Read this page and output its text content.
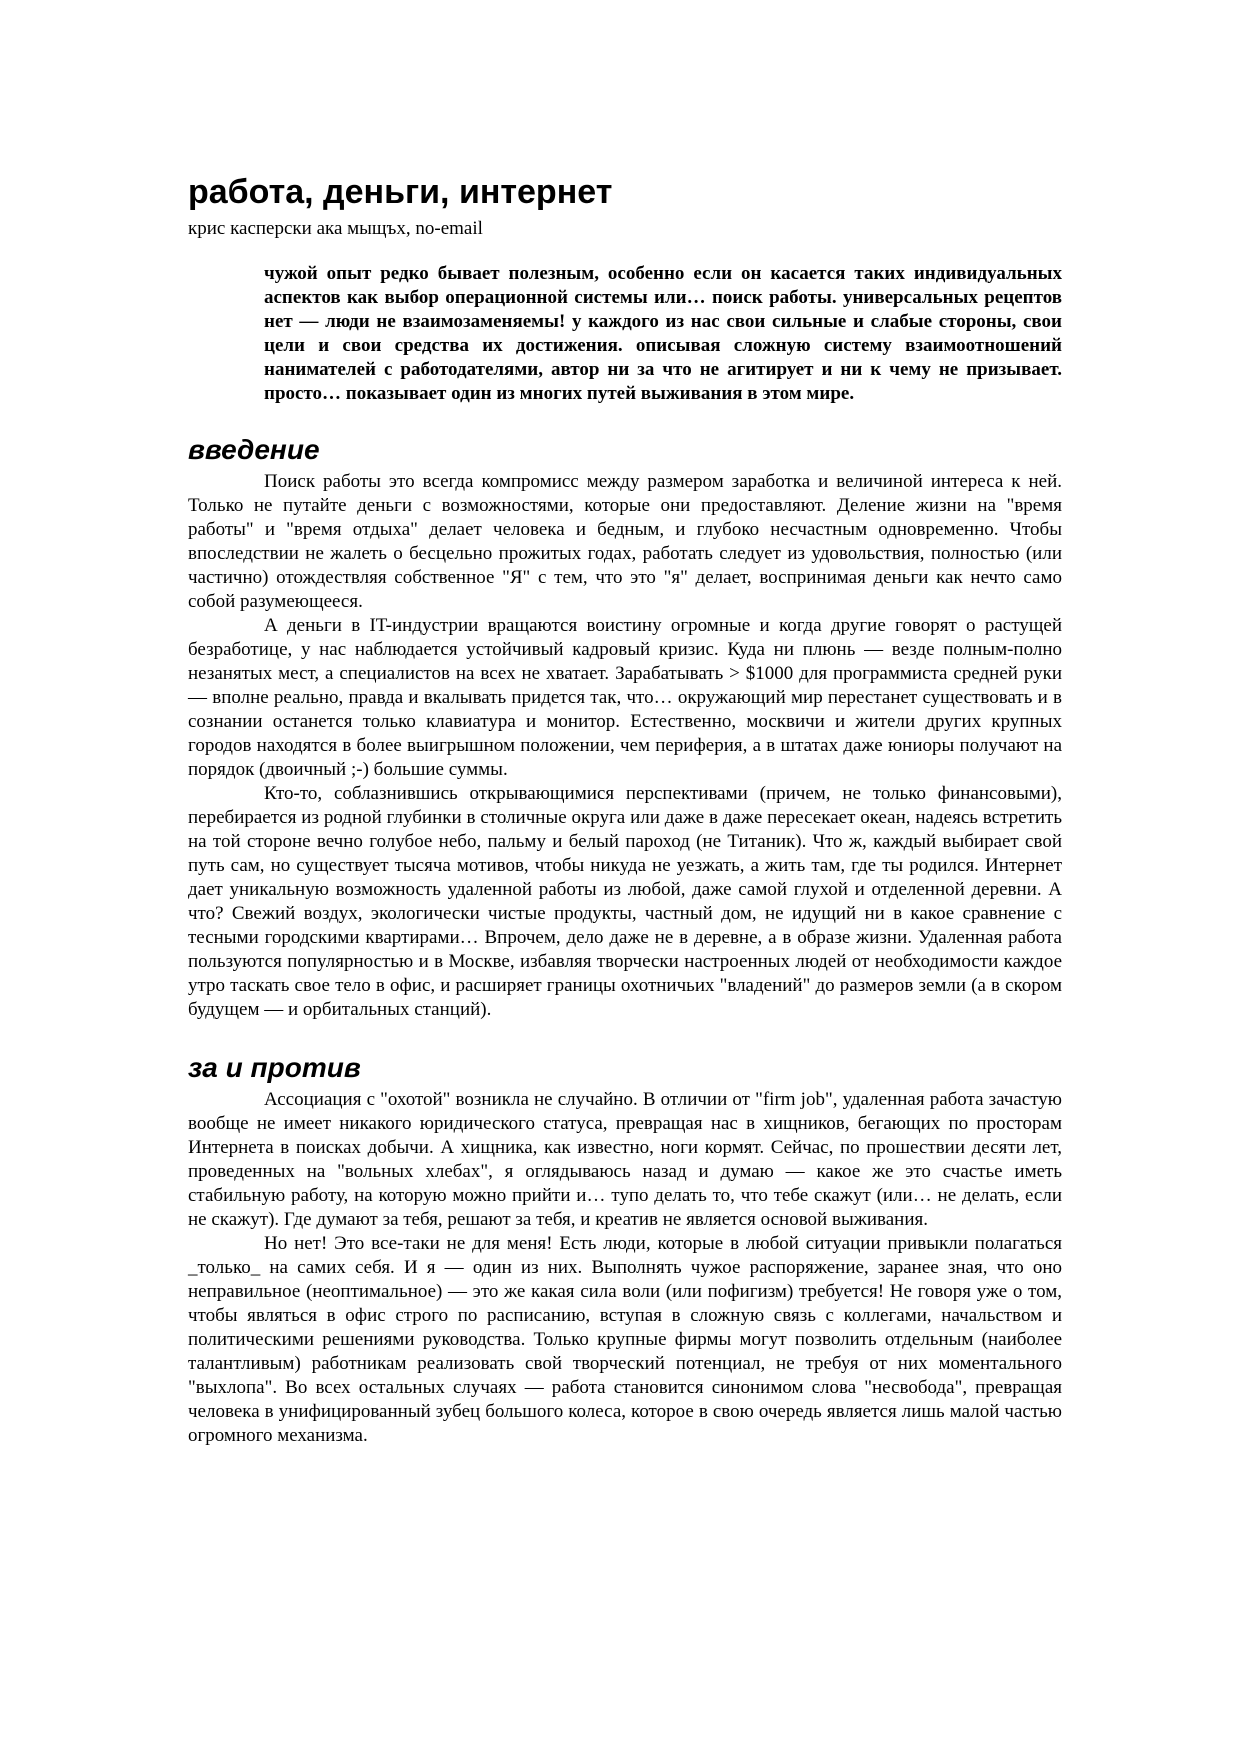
работа, деньги, интернет
крис касперски ака мыщъх, no-email
чужой опыт редко бывает полезным, особенно если он касается таких индивидуальных аспектов как выбор операционной системы или… поиск работы. универсальных рецептов нет — люди не взаимозаменяемы! у каждого из нас свои сильные и слабые стороны, свои цели и свои средства их достижения. описывая сложную систему взаимоотношений нанимателей с работодателями, автор ни за что не агитирует и ни к чему не призывает. просто… показывает один из многих путей выживания в этом мире.
введение

Поиск работы это всегда компромисс между размером заработка и величиной интереса к ней. Только не путайте деньги с возможностями, которые они предоставляют. Деление жизни на "время работы" и "время отдыха" делает человека и бедным, и глубоко несчастным одновременно. Чтобы впоследствии не жалеть о бесцельно прожитых годах, работать следует из удовольствия, полностью (или частично) отождествляя собственное "Я" с тем, что это "я" делает, воспринимая деньги как нечто само собой разумеющееся.

А деньги в IT-индустрии вращаются воистину огромные и когда другие говорят о растущей безработице, у нас наблюдается устойчивый кадровый кризис. Куда ни плюнь — везде полным-полно незанятых мест, а специалистов на всех не хватает. Зарабатывать > $1000 для программиста средней руки — вполне реально, правда и вкалывать придется так, что… окружающий мир перестанет существовать и в сознании останется только клавиатура и монитор. Естественно, москвичи и жители других крупных городов находятся в более выигрышном положении, чем периферия, а в штатах даже юниоры получают на порядок (двоичный ;-) большие суммы.

Кто-то, соблазнившись открывающимися перспективами (причем, не только финансовыми), перебирается из родной глубинки в столичные округа или даже в даже пересекает океан, надеясь встретить на той стороне вечно голубое небо, пальму и белый пароход (не Титаник). Что ж, каждый выбирает свой путь сам, но существует тысяча мотивов, чтобы никуда не уезжать, а жить там, где ты родился. Интернет дает уникальную возможность удаленной работы из любой, даже самой глухой и отделенной деревни. А что? Свежий воздух, экологически чистые продукты, частный дом, не идущий ни в какое сравнение с тесными городскими квартирами… Впрочем, дело даже не в деревне, а в образе жизни. Удаленная работа пользуются популярностью и в Москве, избавляя творчески настроенных людей от необходимости каждое утро таскать свое тело в офис, и расширяет границы охотничьих "владений" до размеров земли (а в скором будущем — и орбитальных станций).

за и против

Ассоциация с "охотой" возникла не случайно. В отличии от "firm job", удаленная работа зачастую вообще не имеет никакого юридического статуса, превращая нас в хищников, бегающих по просторам Интернета в поисках добычи. А хищника, как известно, ноги кормят. Сейчас, по прошествии десяти лет, проведенных на "вольных хлебах", я оглядываюсь назад и думаю — какое же это счастье иметь стабильную работу, на которую можно прийти и… тупо делать то, что тебе скажут (или… не делать, если не скажут). Где думают за тебя, решают за тебя, и креатив не является основой выживания.

Но нет! Это все-таки не для меня! Есть люди, которые в любой ситуации привыкли полагаться _только_ на самих себя. И я — один из них. Выполнять чужое распоряжение, заранее зная, что оно неправильное (неоптимальное) — это же какая сила воли (или пофигизм) требуется! Не говоря уже о том, чтобы являться в офис строго по расписанию, вступая в сложную связь с коллегами, начальством и политическими решениями руководства. Только крупные фирмы могут позволить отдельным (наиболее талантливым) работникам реализовать свой творческий потенциал, не требуя от них моментального "выхлопа". Во всех остальных случаях — работа становится синонимом слова "несвобода", превращая человека в унифицированный зубец большого колеса, которое в свою очередь является лишь малой частью огромного механизма.
